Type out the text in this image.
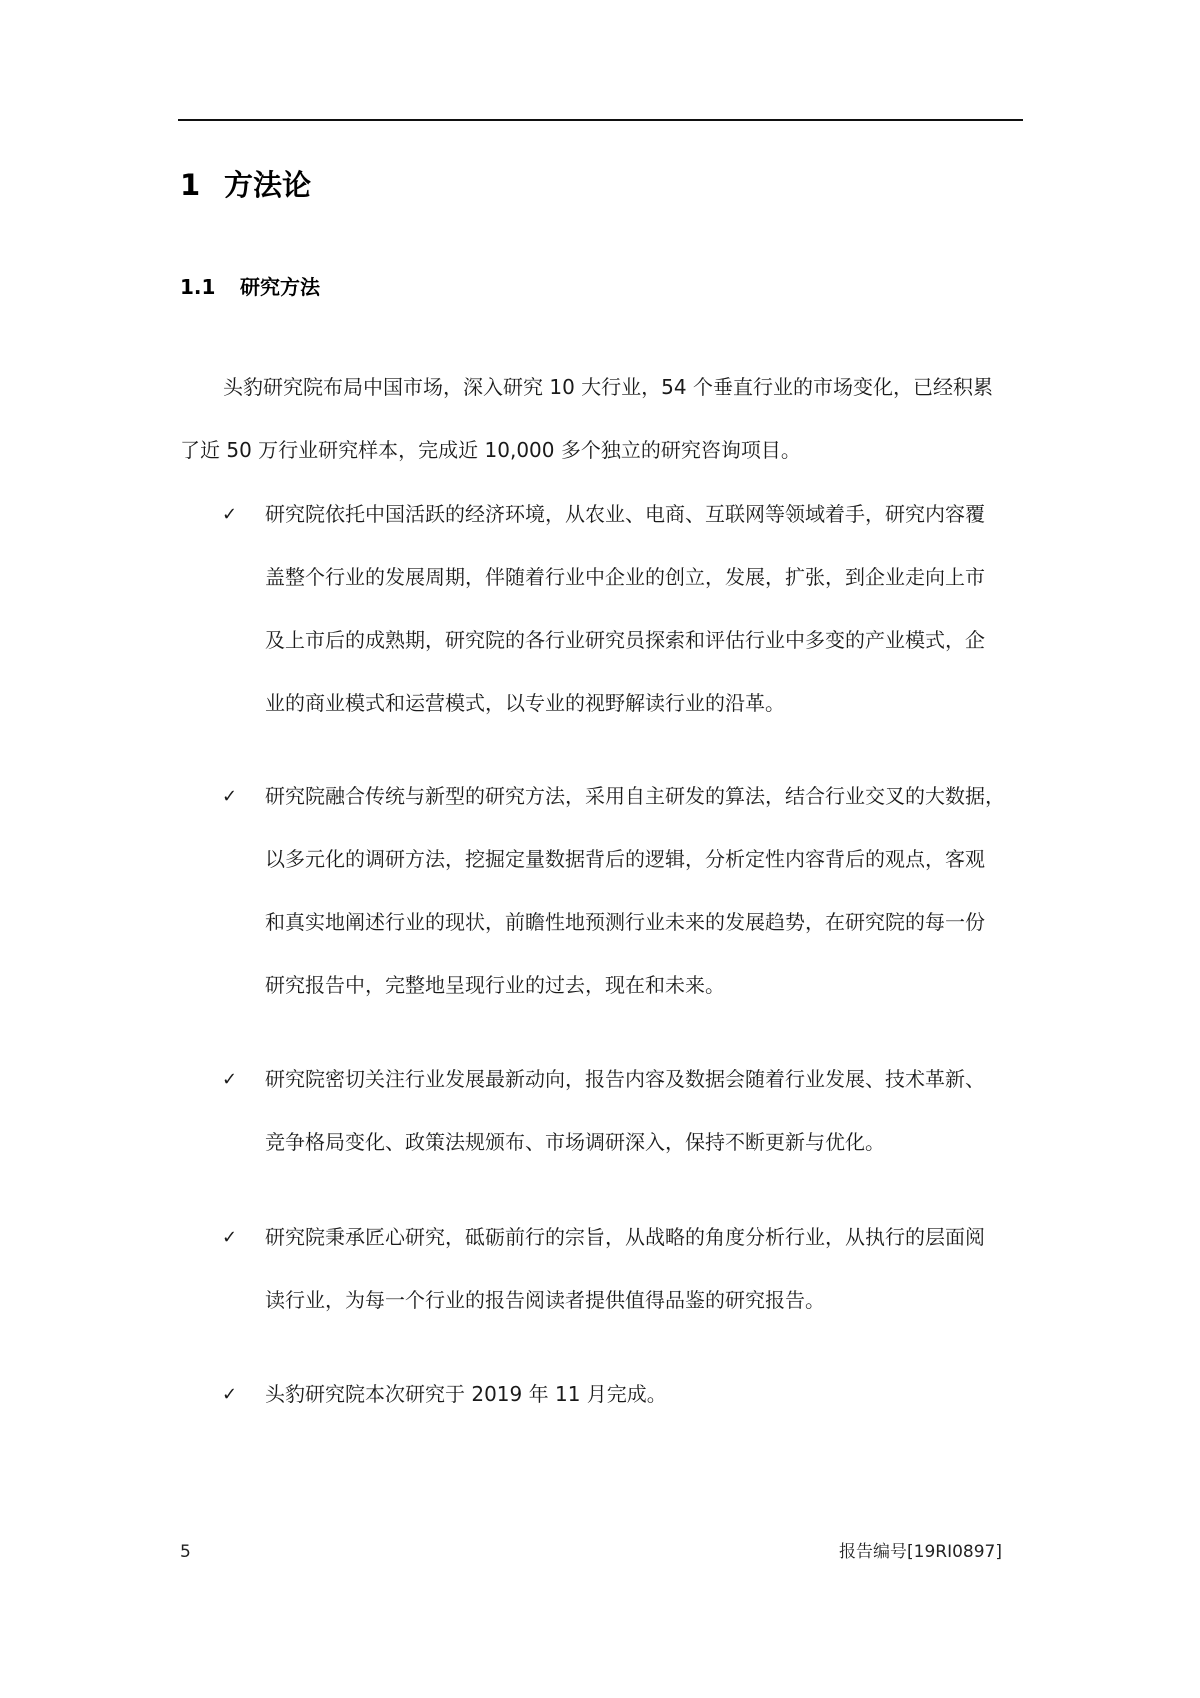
1 方法论
1.1 研究方法
头豹研究院布局中国市场，深入研究 10 大行业，54 个垂直行业的市场变化，已经积累
了近 50 万行业研究样本，完成近 10,000 多个独立的研究咨询项目。
✓ 研究院依托中国活跃的经济环境，从农业、电商、互联网等领域着手，研究内容覆
盖整个行业的发展周期，伴随着行业中企业的创立，发展，扩张，到企业走向上市
及上市后的成熟期，研究院的各行业研究员探索和评估行业中多变的产业模式，企
业的商业模式和运营模式，以专业的视野解读行业的沿革。
✓ 研究院融合传统与新型的研究方法，采用自主研发的算法，结合行业交叉的大数据，
以多元化的调研方法，挖掘定量数据背后的逻辑，分析定性内容背后的观点，客观
和真实地阐述行业的现状，前瞻性地预测行业未来的发展趋势，在研究院的每一份
研究报告中，完整地呈现行业的过去，现在和未来。
✓ 研究院密切关注行业发展最新动向，报告内容及数据会随着行业发展、技术革新、
竞争格局变化、政策法规颁布、市场调研深入，保持不断更新与优化。
✓ 研究院秉承匠心研究，砥砺前行的宗旨，从战略的角度分析行业，从执行的层面阅
读行业，为每一个行业的报告阅读者提供值得品鉴的研究报告。
✓ 头豹研究院本次研究于 2019 年 11 月完成。
5	报告编号[19RI0897]
